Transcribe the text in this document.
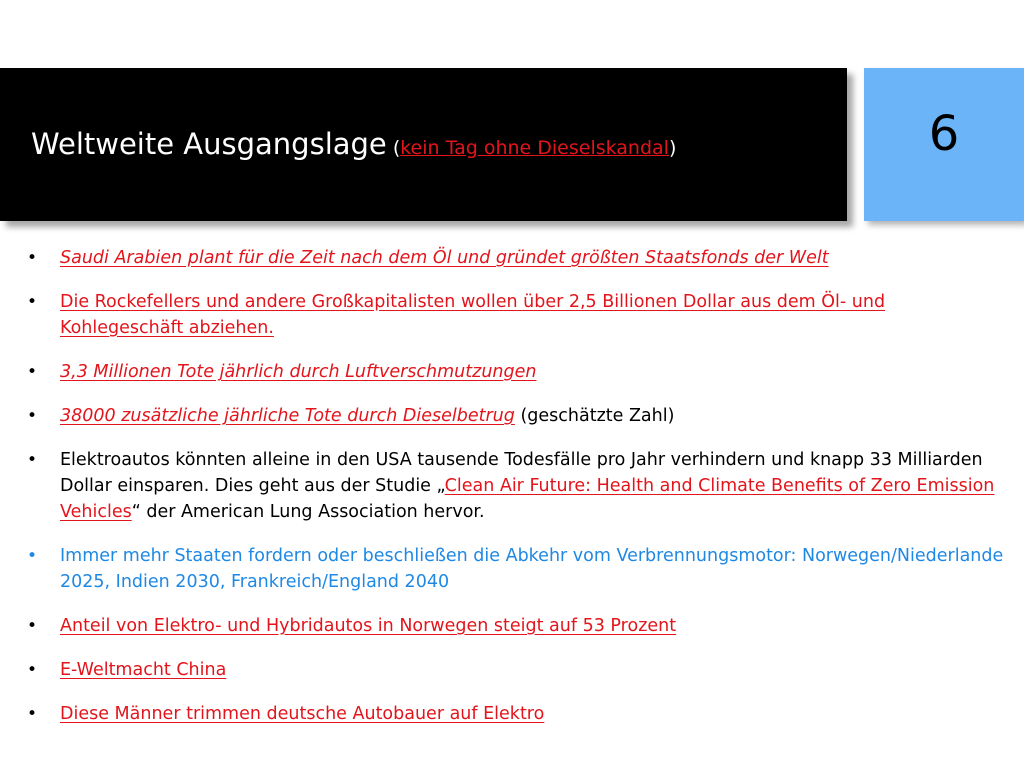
Weltweite Ausgangslage (kein Tag ohne Dieselskandal)	6
• Saudi Arabien plant für die Zeit nach dem Öl und gründet größten Staatsfonds der Welt
• Die Rockefellers und andere Großkapitalisten wollen über 2,5 Billionen Dollar aus dem Öl- und Kohlegeschäft abziehen.
• 3,3 Millionen Tote jährlich durch Luftverschmutzungen
• 38000 zusätzliche jährliche Tote durch Dieselbetrug (geschätzte Zahl)
• Elektroautos könnten alleine in den USA tausende Todesfälle pro Jahr verhindern und knapp 33 Milliarden Dollar einsparen. Dies geht aus der Studie „Clean Air Future: Health and Climate Benefits of Zero Emission Vehicles“ der American Lung Association hervor.
• Immer mehr Staaten fordern oder beschließen die Abkehr vom Verbrennungsmotor: Norwegen/Niederlande 2025, Indien 2030, Frankreich/England 2040
• Anteil von Elektro- und Hybridautos in Norwegen steigt auf 53 Prozent
• E-Weltmacht China
• Diese Männer trimmen deutsche Autobauer auf Elektro
